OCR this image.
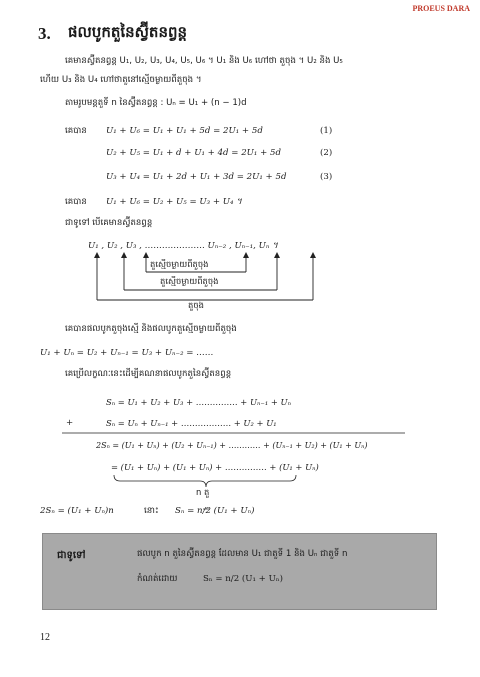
PROEUS DARA
3. ផលបូកតួនៃស្វ៊ីតនព្វន្ត
គេមានស្វ៊ីតនព្វន្ត U₁, U₂, U₃, U₄, U₅, U₆ ។ U₁ និង U₆ ហៅថា តួចុង ។ U₂ និង U₅
ហើយ U₃ និង U₄ ហៅថាតួនៅស្មើចម្ងាយពីតួចុង ។
តាមរូបមន្តតួទី n នៃស្វ៊ីតនព្វន្ត : Uₙ = U₁ + (n − 1)d
គេបាន U₁ + U₆ = U₁ + U₁ + 5d = 2U₁ + 5d	(1)
U₂ + U₅ = U₁ + d + U₁ + 4d = 2U₁ + 5d	(2)
U₃ + U₄ = U₁ + 2d + U₁ + 3d = 2U₁ + 5d	(3)
គេបាន U₁ + U₆ = U₂ + U₅ = U₃ + U₄ ។
ជាទូទៅ បើគេមានស្វ៊ីតនព្វន្ត
U₁ , U₂ , U₃ , ………………… Uₙ₋₂ , Uₙ₋₁, Uₙ ។
តួស្មើចម្ងាយពីតួចុង
តួស្មើចម្ងាយពីតួចុង
តួចុង
គេបានផលបូកតួចុងស្មើ និងផលបូកតួស្មើចម្ងាយពីតួចុង
U₁ + Uₙ = U₂ + Uₙ₋₁ = U₃ + Uₙ₋₂ = ……
គេប្រើលក្ខណៈនេះដើម្បីគណនាផលបូកតួនៃស្វ៊ីតនព្វន្ត
Sₙ = U₁ + U₂ + U₃ + …………… + Uₙ₋₁ + Uₙ
+	Sₙ = Uₙ + Uₙ₋₁ + ……………… + U₂ + U₁
2Sₙ = (U₁ + Uₙ) + (U₂ + Uₙ₋₁) + ………… + (Uₙ₋₁ + U₂) + (U₁ + Uₙ)
= (U₁ + Uₙ) + (U₁ + Uₙ) + …………… + (U₁ + Uₙ)
n តួ
2Sₙ = (U₁ + Uₙ)n	នោះ Sₙ = n/2 (U₁ + Uₙ)
ជាទូទៅ	ផលបូក n តួនៃស្វ៊ីតនព្វន្ត ដែលមាន U₁ ជាតួទី 1 និង Uₙ ជាតួទី n
កំណត់ដោយ	Sₙ = n/2 (U₁ + Uₙ)
12
